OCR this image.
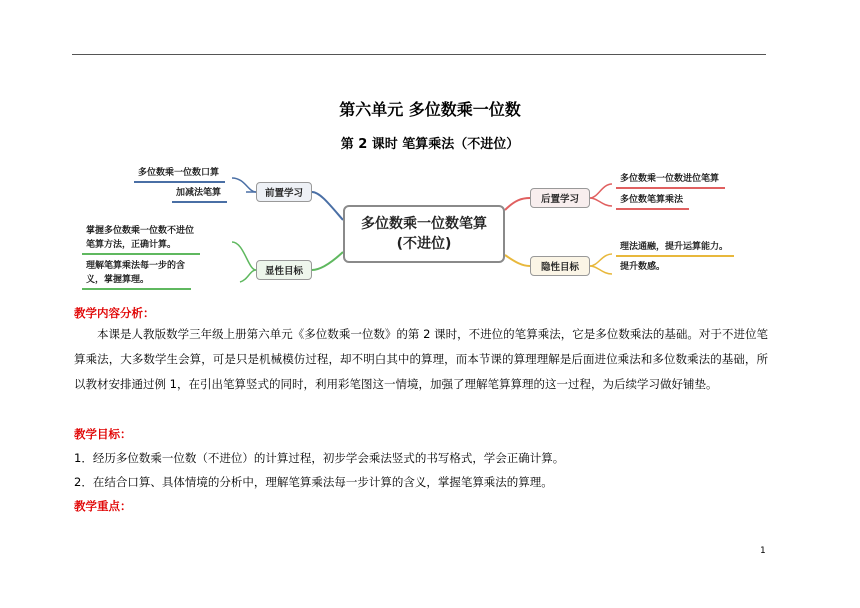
第六单元 多位数乘一位数
第 2 课时 笔算乘法（不进位）
多位数乘一位数笔算
(不进位)
前置学习
多位数乘一位数口算
加减法笔算
显性目标
掌握多位数乘一位数不进位
笔算方法，正确计算。
理解笔算乘法每一步的含
义，掌握算理。
后置学习
多位数乘一位数进位笔算
多位数笔算乘法
隐性目标
理法通融，提升运算能力。
提升数感。
教学内容分析：
本课是人教版数学三年级上册第六单元《多位数乘一位数》的第 2 课时，不进位的笔算乘法，它是多位数乘法的基础。对于不进位笔算乘法，大多数学生会算，可是只是机械模仿过程，却不明白其中的算理，而本节课的算理理解是后面进位乘法和多位数乘法的基础，所以教材安排通过例 1，在引出笔算竖式的同时，利用彩笔图这一情境，加强了理解笔算算理的这一过程，为后续学习做好铺垫。
教学目标：
1．经历多位数乘一位数（不进位）的计算过程，初步学会乘法竖式的书写格式，学会正确计算。
2．在结合口算、具体情境的分析中，理解笔算乘法每一步计算的含义，掌握笔算乘法的算理。
教学重点：
1
